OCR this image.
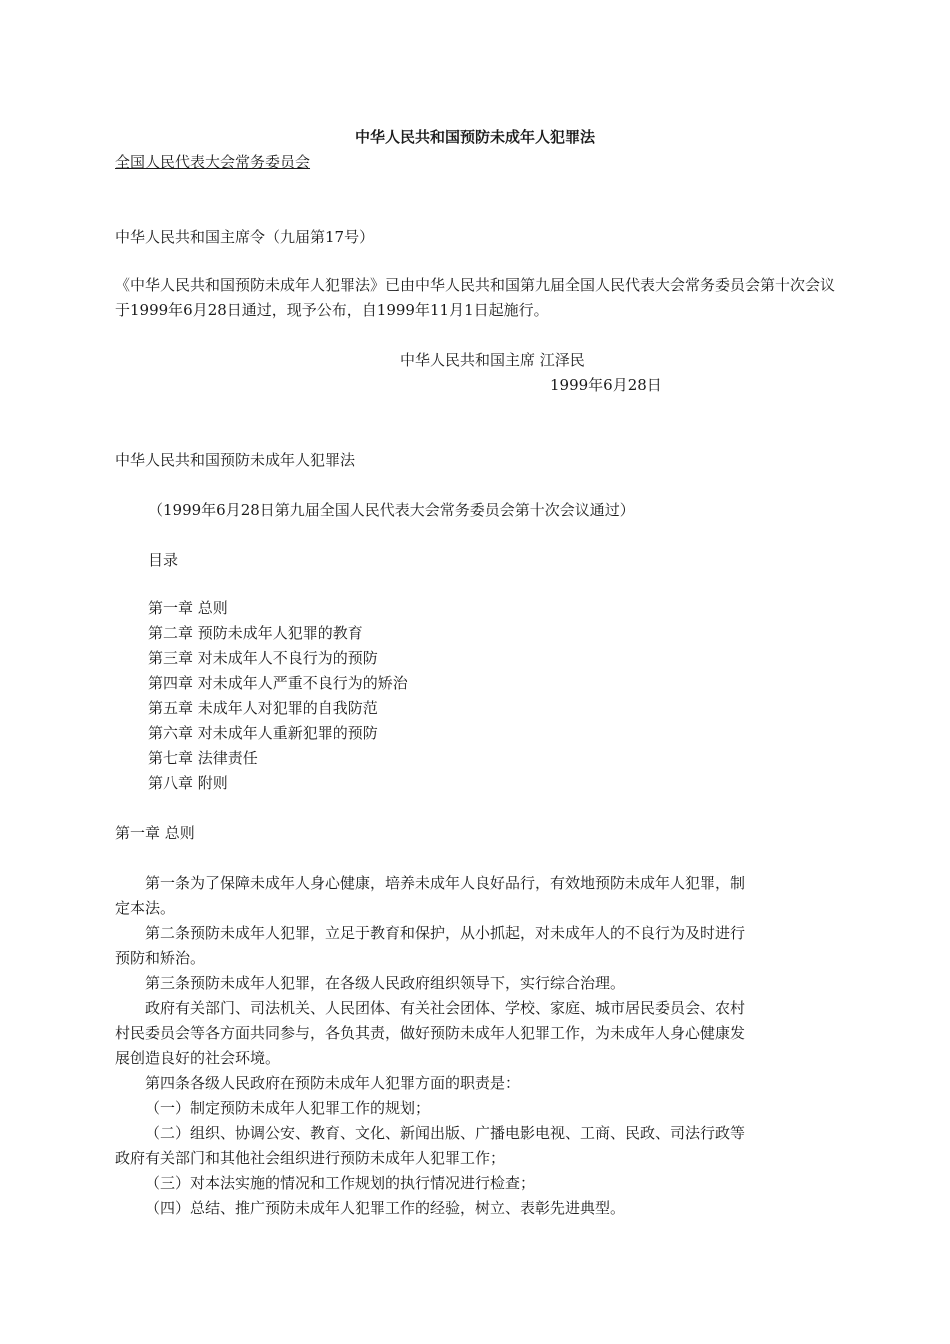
中华人民共和国预防未成年人犯罪法
全国人民代表大会常务委员会
中华人民共和国主席令（九届第17号）
《中华人民共和国预防未成年人犯罪法》已由中华人民共和国第九届全国人民代表大会常务委员会第十次会议于1999年6月28日通过，现予公布，自1999年11月1日起施行。
中华人民共和国主席 江泽民
1999年6月28日
中华人民共和国预防未成年人犯罪法
（1999年6月28日第九届全国人民代表大会常务委员会第十次会议通过）
目录
第一章 总则
第二章 预防未成年人犯罪的教育
第三章 对未成年人不良行为的预防
第四章 对未成年人严重不良行为的矫治
第五章 未成年人对犯罪的自我防范
第六章 对未成年人重新犯罪的预防
第七章 法律责任
第八章 附则
第一章 总则

第一条为了保障未成年人身心健康，培养未成年人良好品行，有效地预防未成年人犯罪，制定本法。

第二条预防未成年人犯罪，立足于教育和保护，从小抓起，对未成年人的不良行为及时进行预防和矫治。

第三条预防未成年人犯罪，在各级人民政府组织领导下，实行综合治理。

政府有关部门、司法机关、人民团体、有关社会团体、学校、家庭、城市居民委员会、农村村民委员会等各方面共同参与，各负其责，做好预防未成年人犯罪工作，为未成年人身心健康发展创造良好的社会环境。

第四条各级人民政府在预防未成年人犯罪方面的职责是：

（一）制定预防未成年人犯罪工作的规划；

（二）组织、协调公安、教育、文化、新闻出版、广播电影电视、工商、民政、司法行政等政府有关部门和其他社会组织进行预防未成年人犯罪工作；

（三）对本法实施的情况和工作规划的执行情况进行检查；

（四）总结、推广预防未成年人犯罪工作的经验，树立、表彰先进典型。
